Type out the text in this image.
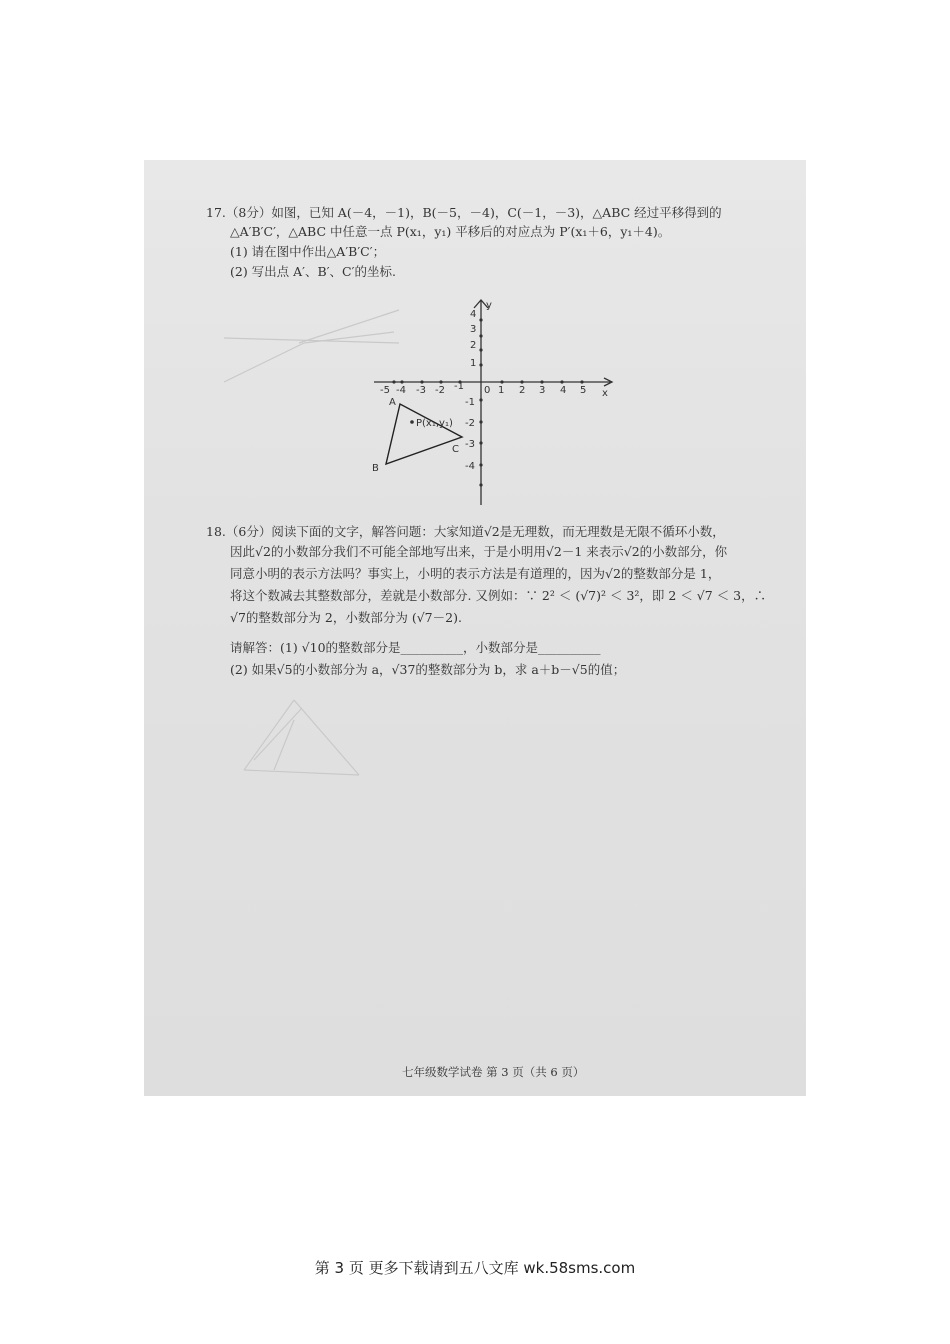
17.（8分）如图，已知 A(－4，－1)，B(－5，－4)，C(－1，－3)，△ABC 经过平移得到的
△A′B′C′，△ABC 中任意一点 P(x₁，y₁) 平移后的对应点为 P′(x₁＋6，y₁＋4)。
(1) 请在图中作出△A′B′C′；
(2) 写出点 A′、B′、C′的坐标.
-5 -4 -3 -2 -1 0 1 2 3 4 5 x
y
4
3
2
1
-1
-2
-3
-4
A
B
C
P(x₁,y₁)
18.（6分）阅读下面的文字，解答问题：大家知道√2是无理数，而无理数是无限不循环小数，
因此√2的小数部分我们不可能全部地写出来，于是小明用√2－1 来表示√2的小数部分，你
同意小明的表示方法吗？事实上，小明的表示方法是有道理的，因为√2的整数部分是 1，
将这个数减去其整数部分，差就是小数部分. 又例如：∵ 2² ＜ (√7)² ＜ 3²，即 2 ＜ √7 ＜ 3，∴
√7的整数部分为 2，小数部分为 (√7－2).
请解答：(1) √10的整数部分是__________，小数部分是__________
(2) 如果√5的小数部分为 a，√37的整数部分为 b，求 a＋b－√5的值；
七年级数学试卷 第 3 页（共 6 页）
第 3 页 更多下载请到五八文库 wk.58sms.com
